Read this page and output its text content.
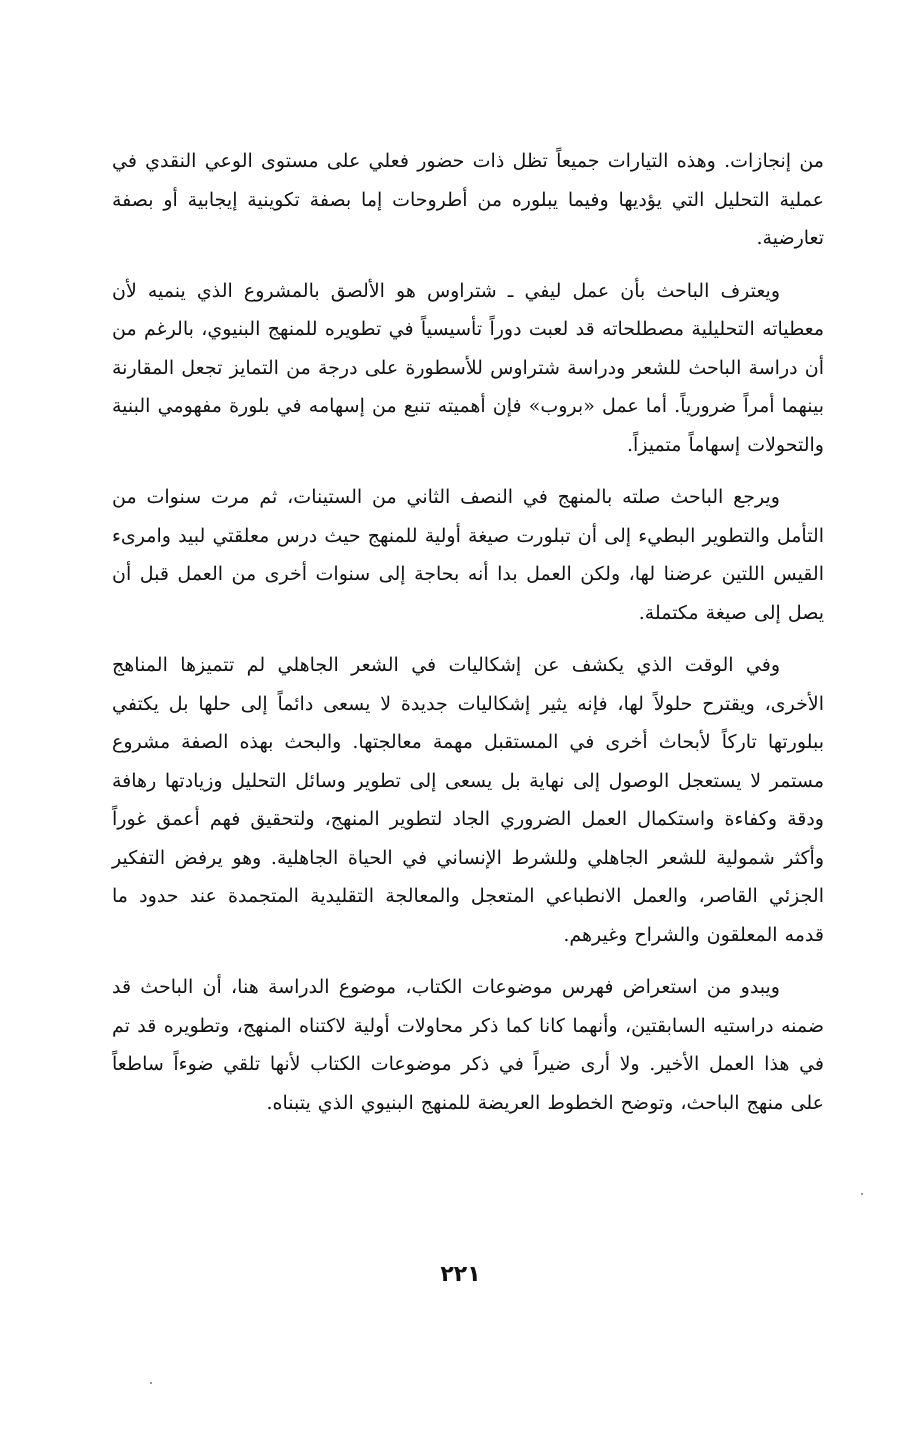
من إنجازات. وهذه التيارات جميعاً تظل ذات حضور فعلي على مستوى الوعي النقدي في عملية التحليل التي يؤديها وفيما يبلوره من أطروحات إما بصفة تكوينية إيجابية أو بصفة تعارضية.

ويعترف الباحث بأن عمل ليفي ـ شتراوس هو الألصق بالمشروع الذي ينميه لأن معطياته التحليلية مصطلحاته قد لعبت دوراً تأسيسياً في تطويره للمنهج البنيوي، بالرغم من أن دراسة الباحث للشعر ودراسة شتراوس للأسطورة على درجة من التمايز تجعل المقارنة بينهما أمراً ضرورياً. أما عمل «بروب» فإن أهميته تنبع من إسهامه في بلورة مفهومي البنية والتحولات إسهاماً متميزاً.

ويرجع الباحث صلته بالمنهج في النصف الثاني من الستينات، ثم مرت سنوات من التأمل والتطوير البطيء إلى أن تبلورت صيغة أولية للمنهج حيث درس معلقتي لبيد وامرىء القيس اللتين عرضنا لها، ولكن العمل بدا أنه بحاجة إلى سنوات أخرى من العمل قبل أن يصل إلى صيغة مكتملة.

وفي الوقت الذي يكشف عن إشكاليات في الشعر الجاهلي لم تتميزها المناهج الأخرى، ويقترح حلولاً لها، فإنه يثير إشكاليات جديدة لا يسعى دائماً إلى حلها بل يكتفي ببلورتها تاركاً لأبحاث أخرى في المستقبل مهمة معالجتها. والبحث بهذه الصفة مشروع مستمر لا يستعجل الوصول إلى نهاية بل يسعى إلى تطوير وسائل التحليل وزيادتها رهافة ودقة وكفاءة واستكمال العمل الضروري الجاد لتطوير المنهج، ولتحقيق فهم أعمق غوراً وأكثر شمولية للشعر الجاهلي وللشرط الإنساني في الحياة الجاهلية. وهو يرفض التفكير الجزئي القاصر، والعمل الانطباعي المتعجل والمعالجة التقليدية المتجمدة عند حدود ما قدمه المعلقون والشراح وغيرهم.

ويبدو من استعراض فهرس موضوعات الكتاب، موضوع الدراسة هنا، أن الباحث قد ضمنه دراستيه السابقتين، وأنهما كانا كما ذكر محاولات أولية لاكتناه المنهج، وتطويره قد تم في هذا العمل الأخير. ولا أرى ضيراً في ذكر موضوعات الكتاب لأنها تلقي ضوءاً ساطعاً على منهج الباحث، وتوضح الخطوط العريضة للمنهج البنيوي الذي يتبناه.

٢٢١
